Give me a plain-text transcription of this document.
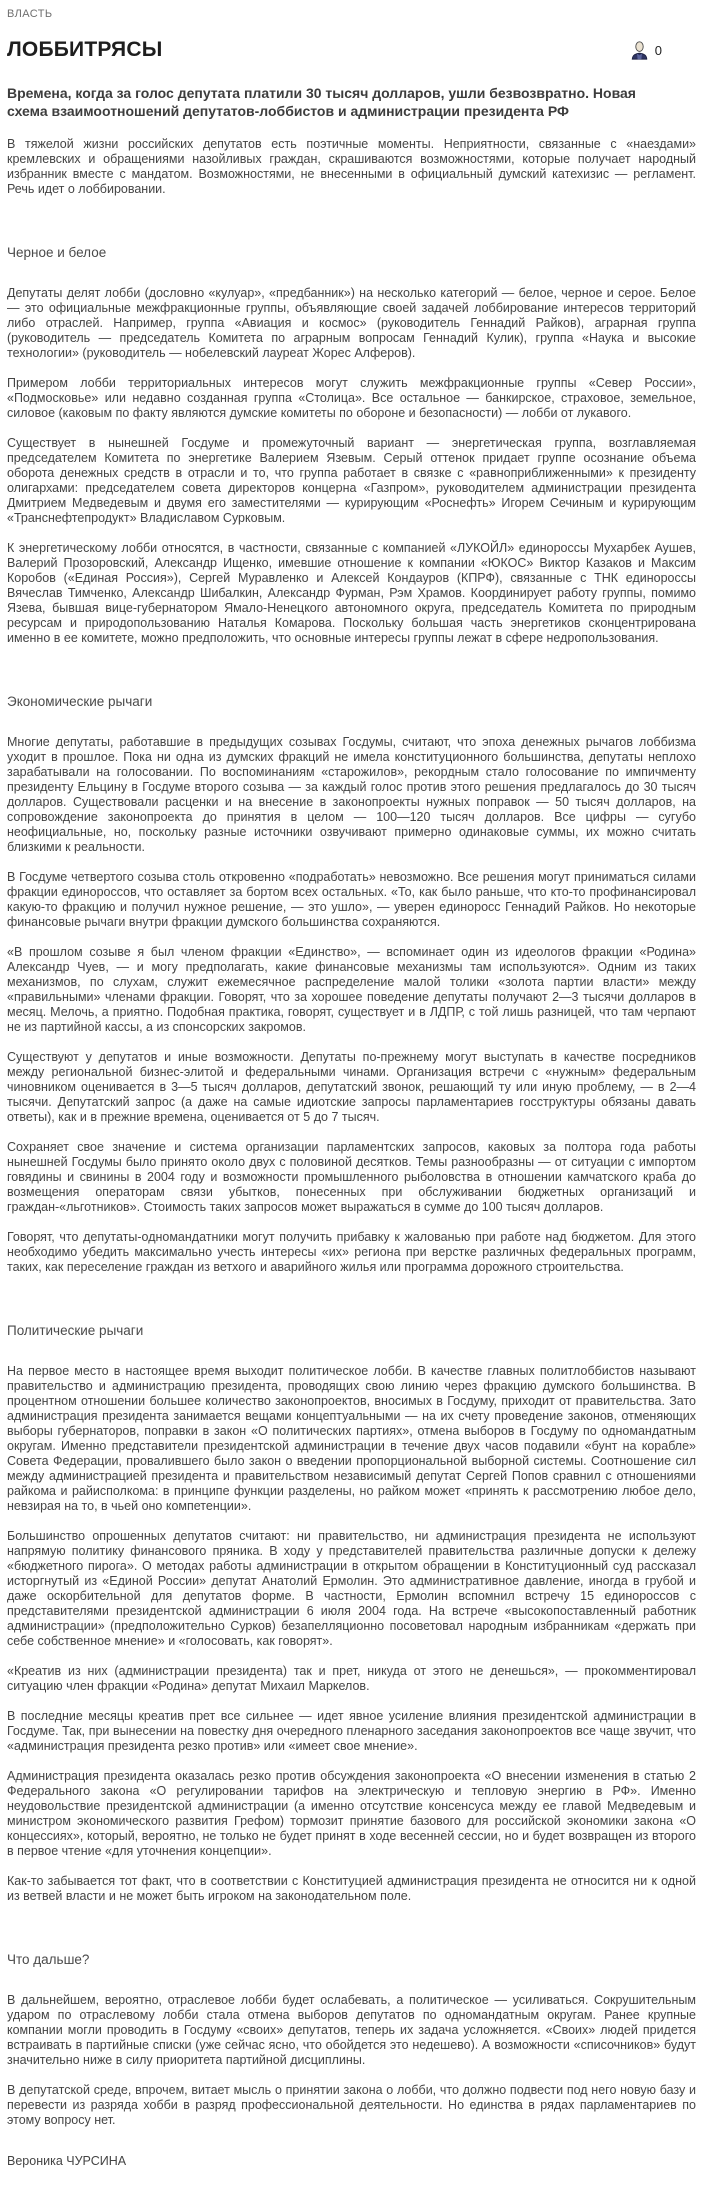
ВЛАСТЬ
ЛОББИТРЯСЫ	0

Времена, когда за голос депутата платили 30 тысяч долларов, ушли безвозвратно. Новая схема взаимоотношений депутатов-лоббистов и администрации президента РФ

В тяжелой жизни российских депутатов есть поэтичные моменты. Неприятности, связанные с «наездами» кремлевских и обращениями назойливых граждан, скрашиваются возможностями, которые получает народный избранник вместе с мандатом. Возможностями, не внесенными в официальный думский катехизис — регламент. Речь идет о лоббировании.

Черное и белое

Депутаты делят лобби (дословно «кулуар», «предбанник») на несколько категорий — белое, черное и серое. Белое — это официальные межфракционные группы, объявляющие своей задачей лоббирование интересов территорий либо отраслей. Например, группа «Авиация и космос» (руководитель Геннадий Райков), аграрная группа (руководитель — председатель Комитета по аграрным вопросам Геннадий Кулик), группа «Наука и высокие технологии» (руководитель — нобелевский лауреат Жорес Алферов).

Примером лобби территориальных интересов могут служить межфракционные группы «Север России», «Подмосковье» или недавно созданная группа «Столица». Все остальное — банкирское, страховое, земельное, силовое (каковым по факту являются думские комитеты по обороне и безопасности) — лобби от лукавого.

Существует в нынешней Госдуме и промежуточный вариант — энергетическая группа, возглавляемая председателем Комитета по энергетике Валерием Язевым. Серый оттенок придает группе осознание объема оборота денежных средств в отрасли и то, что группа работает в связке с «равноприближенными» к президенту олигархами: председателем совета директоров концерна «Газпром», руководителем администрации президента Дмитрием Медведевым и двумя его заместителями — курирующим «Роснефть» Игорем Сечиным и курирующим «Транснефтепродукт» Владиславом Сурковым.

К энергетическому лобби относятся, в частности, связанные с компанией «ЛУКОЙЛ» единороссы Мухарбек Аушев, Валерий Прозоровский, Александр Ищенко, имевшие отношение к компании «ЮКОС» Виктор Казаков и Максим Коробов («Единая Россия»), Сергей Муравленко и Алексей Кондауров (КПРФ), связанные с ТНК единороссы Вячеслав Тимченко, Александр Шибалкин, Александр Фурман, Рэм Храмов. Координирует работу группы, помимо Язева, бывшая вице-губернатором Ямало-Ненецкого автономного округа, председатель Комитета по природным ресурсам и природопользованию Наталья Комарова. Поскольку большая часть энергетиков сконцентрирована именно в ее комитете, можно предположить, что основные интересы группы лежат в сфере недропользования.

Экономические рычаги

Многие депутаты, работавшие в предыдущих созывах Госдумы, считают, что эпоха денежных рычагов лоббизма уходит в прошлое. Пока ни одна из думских фракций не имела конституционного большинства, депутаты неплохо зарабатывали на голосовании. По воспоминаниям «старожилов», рекордным стало голосование по импичменту президенту Ельцину в Госдуме второго созыва — за каждый голос против этого решения предлагалось до 30 тысяч долларов. Существовали расценки и на внесение в законопроекты нужных поправок — 50 тысяч долларов, на сопровождение законопроекта до принятия в целом — 100—120 тысяч долларов. Все цифры — сугубо неофициальные, но, поскольку разные источники озвучивают примерно одинаковые суммы, их можно считать близкими к реальности.

В Госдуме четвертого созыва столь откровенно «подработать» невозможно. Все решения могут приниматься силами фракции единороссов, что оставляет за бортом всех остальных. «То, как было раньше, что кто-то профинансировал какую-то фракцию и получил нужное решение, — это ушло», — уверен единоросс Геннадий Райков. Но некоторые финансовые рычаги внутри фракции думского большинства сохраняются.

«В прошлом созыве я был членом фракции «Единство», — вспоминает один из идеологов фракции «Родина» Александр Чуев, — и могу предполагать, какие финансовые механизмы там используются». Одним из таких механизмов, по слухам, служит ежемесячное распределение малой толики «золота партии власти» между «правильными» членами фракции. Говорят, что за хорошее поведение депутаты получают 2—3 тысячи долларов в месяц. Мелочь, а приятно. Подобная практика, говорят, существует и в ЛДПР, с той лишь разницей, что там черпают не из партийной кассы, а из спонсорских закромов.

Существуют у депутатов и иные возможности. Депутаты по-прежнему могут выступать в качестве посредников между региональной бизнес-элитой и федеральными чинами. Организация встречи с «нужным» федеральным чиновником оценивается в 3—5 тысяч долларов, депутатский звонок, решающий ту или иную проблему, — в 2—4 тысячи. Депутатский запрос (а даже на самые идиотские запросы парламентариев госструктуры обязаны давать ответы), как и в прежние времена, оценивается от 5 до 7 тысяч.

Сохраняет свое значение и система организации парламентских запросов, каковых за полтора года работы нынешней Госдумы было принято около двух с половиной десятков. Темы разнообразны — от ситуации с импортом говядины и свинины в 2004 году и возможности промышленного рыболовства в отношении камчатского краба до возмещения операторам связи убытков, понесенных при обслуживании бюджетных организаций и граждан-«льготников». Стоимость таких запросов может выражаться в сумме до 100 тысяч долларов.

Говорят, что депутаты-одномандатники могут получить прибавку к жалованью при работе над бюджетом. Для этого необходимо убедить максимально учесть интересы «их» региона при верстке различных федеральных программ, таких, как переселение граждан из ветхого и аварийного жилья или программа дорожного строительства.

Политические рычаги

На первое место в настоящее время выходит политическое лобби. В качестве главных политлоббистов называют правительство и администрацию президента, проводящих свою линию через фракцию думского большинства. В процентном отношении большее количество законопроектов, вносимых в Госдуму, приходит от правительства. Зато администрация президента занимается вещами концептуальными — на их счету проведение законов, отменяющих выборы губернаторов, поправки в закон «О политических партиях», отмена выборов в Госдуму по одномандатным округам. Именно представители президентской администрации в течение двух часов подавили «бунт на корабле» Совета Федерации, провалившего было закон о введении пропорциональной выборной системы. Соотношение сил между администрацией президента и правительством независимый депутат Сергей Попов сравнил с отношениями райкома и райисполкома: в принципе функции разделены, но райком может «принять к рассмотрению любое дело, невзирая на то, в чьей оно компетенции».

Большинство опрошенных депутатов считают: ни правительство, ни администрация президента не используют напрямую политику финансового пряника. В ходу у представителей правительства различные допуски к дележу «бюджетного пирога». О методах работы администрации в открытом обращении в Конституционный суд рассказал исторгнутый из «Единой России» депутат Анатолий Ермолин. Это административное давление, иногда в грубой и даже оскорбительной для депутатов форме. В частности, Ермолин вспомнил встречу 15 единороссов с представителями президентской администрации 6 июля 2004 года. На встрече «высокопоставленный работник администрации» (предположительно Сурков) безапелляционно посоветовал народным избранникам «держать при себе собственное мнение» и «голосовать, как говорят».

«Креатив из них (администрации президента) так и прет, никуда от этого не денешься», — прокомментировал ситуацию член фракции «Родина» депутат Михаил Маркелов.

В последние месяцы креатив прет все сильнее — идет явное усиление влияния президентской администрации в Госдуме. Так, при вынесении на повестку дня очередного пленарного заседания законопроектов все чаще звучит, что «администрация президента резко против» или «имеет свое мнение».

Администрация президента оказалась резко против обсуждения законопроекта «О внесении изменения в статью 2 Федерального закона «О регулировании тарифов на электрическую и тепловую энергию в РФ». Именно неудовольствие президентской администрации (а именно отсутствие консенсуса между ее главой Медведевым и министром экономического развития Грефом) тормозит принятие базового для российской экономики закона «О концессиях», который, вероятно, не только не будет принят в ходе весенней сессии, но и будет возвращен из второго в первое чтение «для уточнения концепции».

Как-то забывается тот факт, что в соответствии с Конституцией администрация президента не относится ни к одной из ветвей власти и не может быть игроком на законодательном поле.

Что дальше?

В дальнейшем, вероятно, отраслевое лобби будет ослабевать, а политическое — усиливаться. Сокрушительным ударом по отраслевому лобби стала отмена выборов депутатов по одномандатным округам. Ранее крупные компании могли проводить в Госдуму «своих» депутатов, теперь их задача усложняется. «Своих» людей придется встраивать в партийные списки (уже сейчас ясно, что обойдется это недешево). А возможности «списочников» будут значительно ниже в силу приоритета партийной дисциплины.

В депутатской среде, впрочем, витает мысль о принятии закона о лобби, что должно подвести под него новую базу и перевести из разряда хобби в разряд профессиональной деятельности. Но единства в рядах парламентариев по этому вопросу нет.

Вероника ЧУРСИНА
